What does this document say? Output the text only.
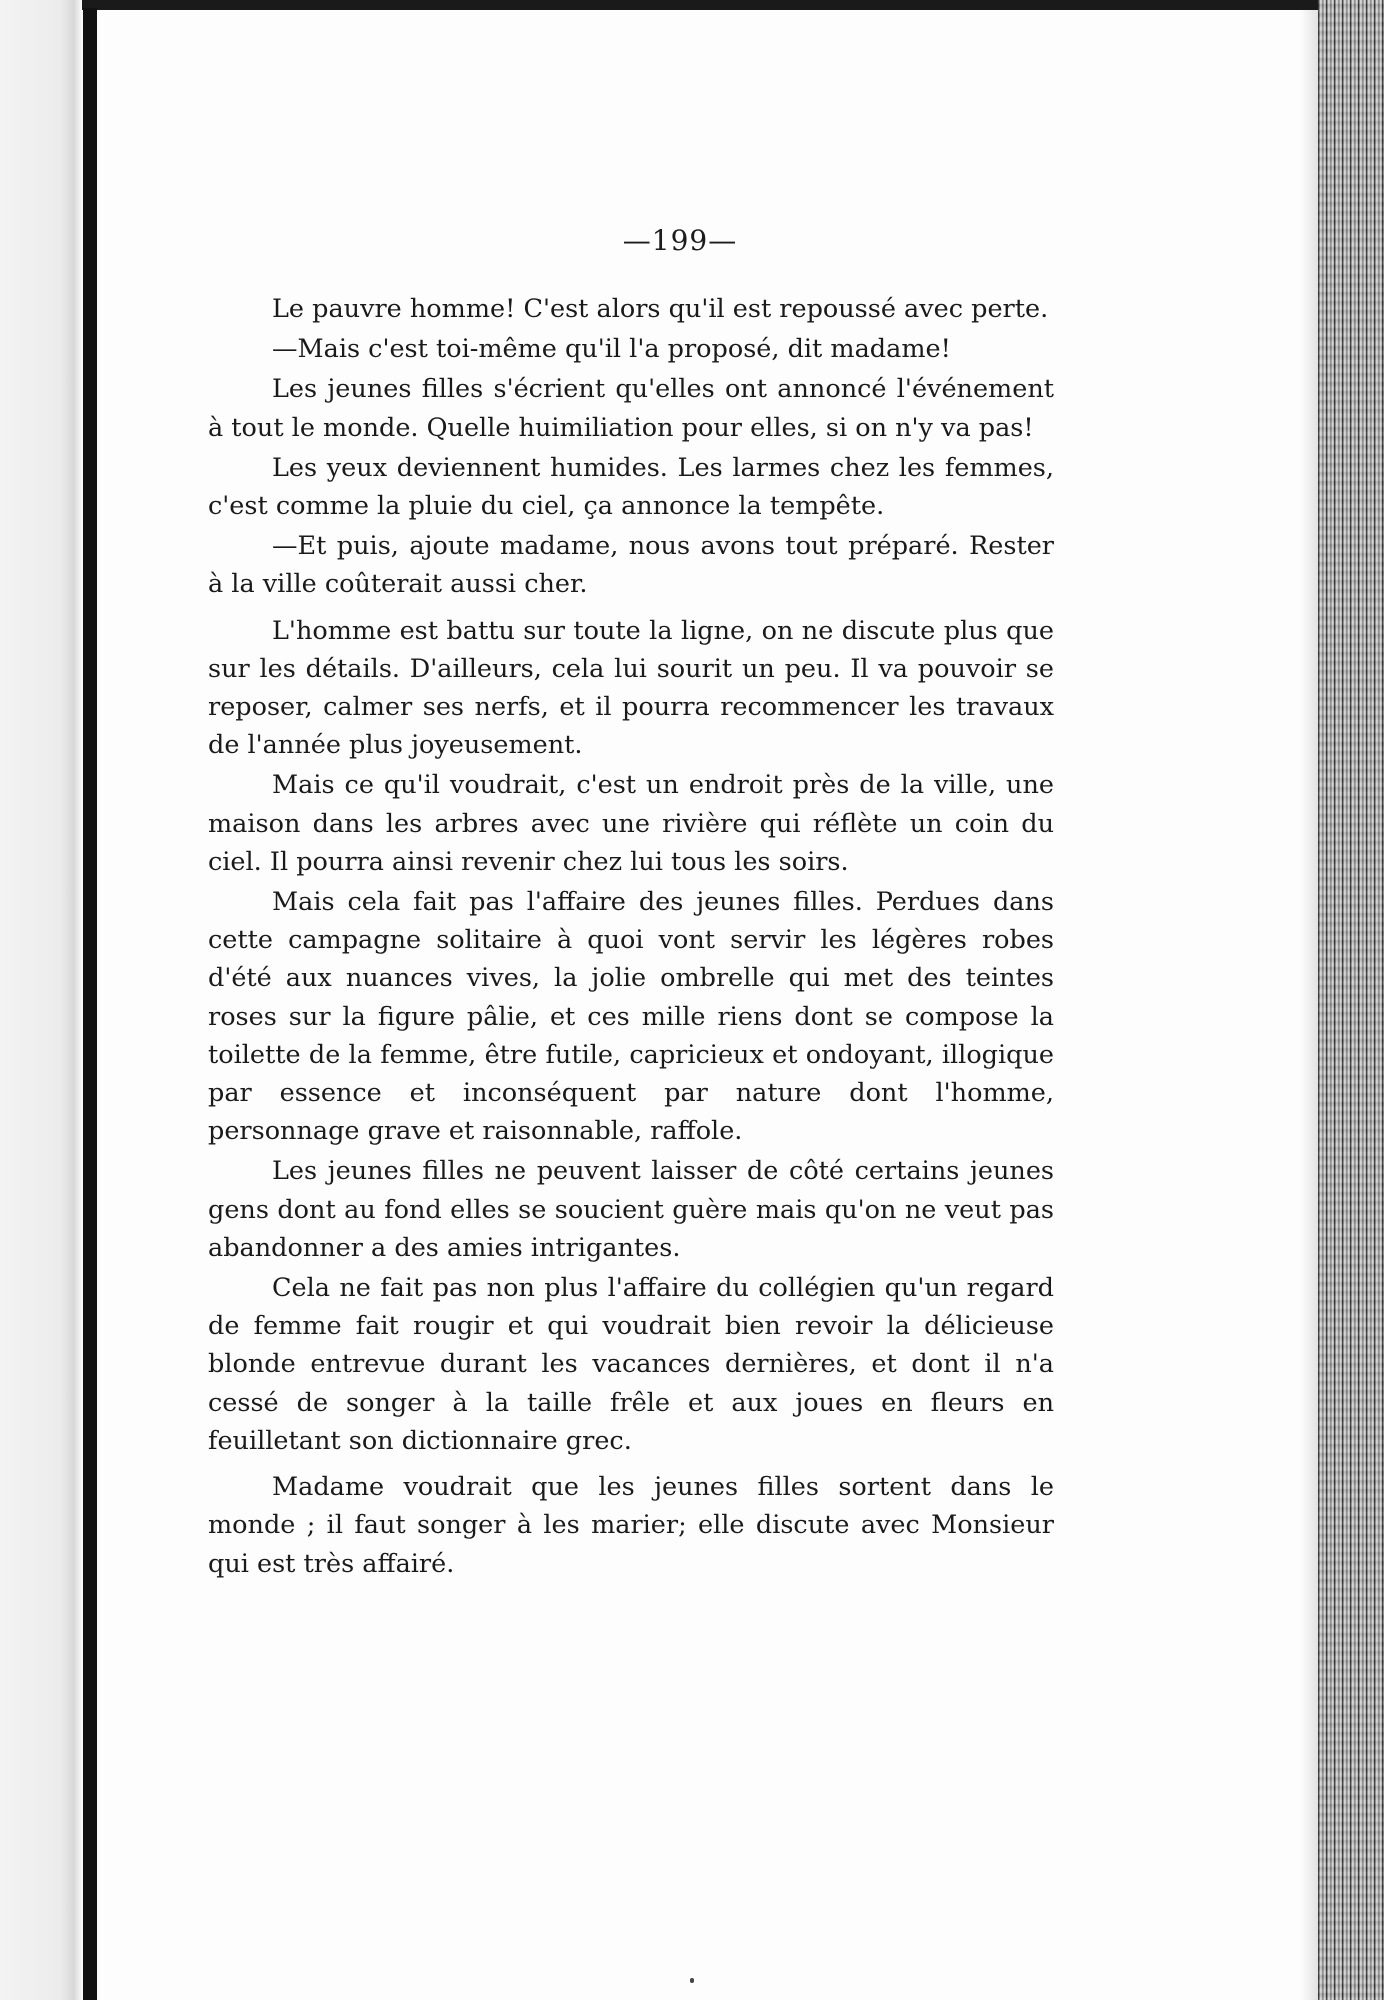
—199—

Le pauvre homme! C'est alors qu'il est repoussé avec perte.

—Mais c'est toi-même qu'il l'a proposé, dit madame!

Les jeunes filles s'écrient qu'elles ont annoncé l'événement à tout le monde. Quelle huimiliation pour elles, si on n'y va pas!

Les yeux deviennent humides. Les larmes chez les femmes, c'est comme la pluie du ciel, ça annonce la tempête.

—Et puis, ajoute madame, nous avons tout préparé. Rester à la ville coûterait aussi cher.

L'homme est battu sur toute la ligne, on ne discute plus que sur les détails. D'ailleurs, cela lui sourit un peu. Il va pouvoir se reposer, calmer ses nerfs, et il pourra recommencer les travaux de l'année plus joyeusement.

Mais ce qu'il voudrait, c'est un endroit près de la ville, une maison dans les arbres avec une rivière qui réflète un coin du ciel. Il pourra ainsi revenir chez lui tous les soirs.

Mais cela fait pas l'affaire des jeunes filles. Perdues dans cette campagne solitaire à quoi vont servir les légères robes d'été aux nuances vives, la jolie ombrelle qui met des teintes roses sur la figure pâlie, et ces mille riens dont se compose la toilette de la femme, être futile, capricieux et ondoyant, illogique par essence et inconséquent par nature dont l'homme, personnage grave et raisonnable, raffole.

Les jeunes filles ne peuvent laisser de côté certains jeunes gens dont au fond elles se soucient guère mais qu'on ne veut pas abandonner a des amies intrigantes.

Cela ne fait pas non plus l'affaire du collégien qu'un regard de femme fait rougir et qui voudrait bien revoir la délicieuse blonde entrevue durant les vacances dernières, et dont il n'a cessé de songer à la taille frêle et aux joues en fleurs en feuilletant son dictionnaire grec.

Madame voudrait que les jeunes filles sortent dans le monde ; il faut songer à les marier; elle discute avec Monsieur qui est très affairé.
